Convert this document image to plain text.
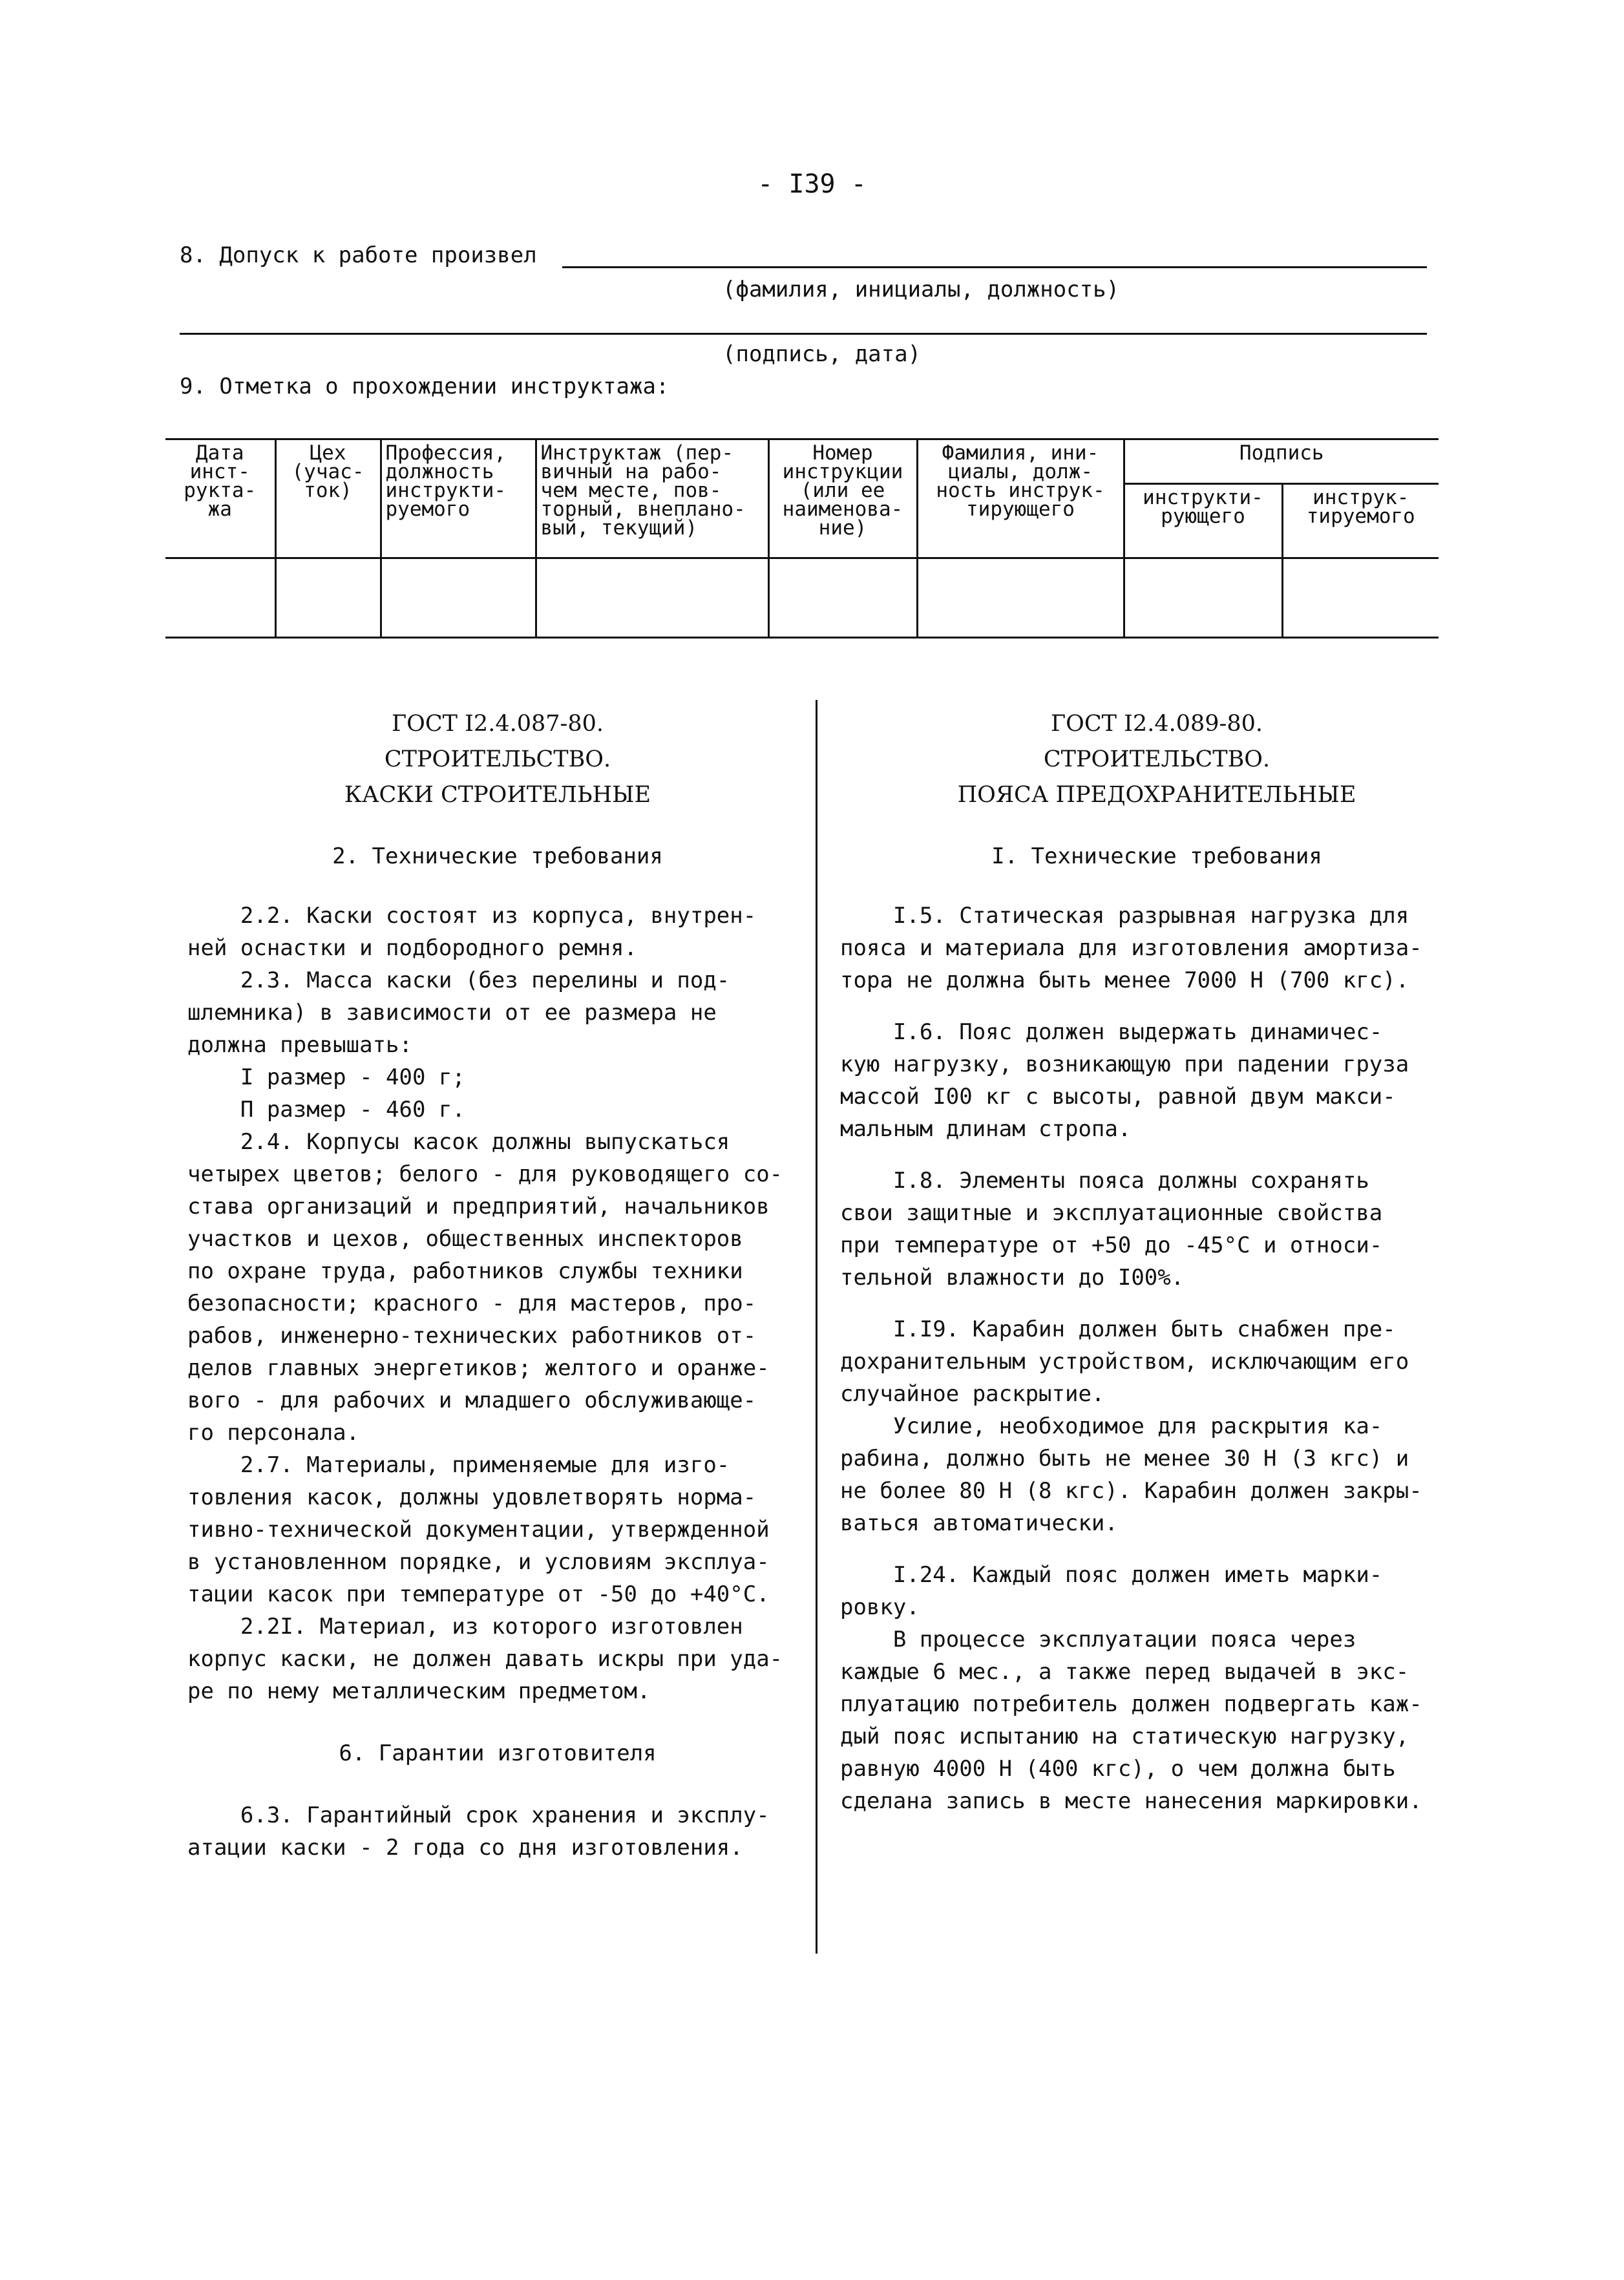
- I39 -
8. Допуск к работе произвел
(фамилия, инициалы, должность)
(подпись, дата)
9. Отметка о прохождении инструктажа:
Дата инст- рукта- жа	Цех (учас- ток)	Профессия, должность инструкти- руемого	Инструктаж (пер- вичный на рабо- чем месте, пов- торный, внеплано- вый, текущий)	Номер инструкции (или ее наименова- ние)	Фамилия, ини- циалы, долж- ность инструк- тирующего	Подпись	
						инструкти- рующего	инструк- тируемого

ГОСТ I2.4.087-80.
СТРОИТЕЛЬСТВО.
КАСКИ СТРОИТЕЛЬНЫЕ

2. Технические требования

2.2. Каски состоят из корпуса, внутрен-
ней оснастки и подбородного ремня.
2.3. Масса каски (без перелины и под-
шлемника) в зависимости от ее размера не
должна превышать:
I размер - 400 г;
П размер - 460 г.
2.4. Корпусы касок должны выпускаться
четырех цветов; белого - для руководящего со-
става организаций и предприятий, начальников
участков и цехов, общественных инспекторов
по охране труда, работников службы техники
безопасности; красного - для мастеров, про-
рабов, инженерно-технических работников от-
делов главных энергетиков; желтого и оранже-
вого - для рабочих и младшего обслуживающе-
го персонала.
2.7. Материалы, применяемые для изго-
товления касок, должны удовлетворять норма-
тивно-технической документации, утвержденной
в установленном порядке, и условиям эксплуа-
тации касок при температуре от -50 до +40°C.
2.2I. Материал, из которого изготовлен
корпус каски, не должен давать искры при уда-
ре по нему металлическим предметом.

6. Гарантии изготовителя

6.3. Гарантийный срок хранения и эксплу-
атации каски - 2 года со дня изготовления.

ГОСТ I2.4.089-80.
СТРОИТЕЛЬСТВО.
ПОЯСА ПРЕДОХРАНИТЕЛЬНЫЕ

I. Технические требования

I.5. Статическая разрывная нагрузка для
пояса и материала для изготовления амортиза-
тора не должна быть менее 7000 Н (700 кгс).

I.6. Пояс должен выдержать динамичес-
кую нагрузку, возникающую при падении груза
массой I00 кг с высоты, равной двум макси-
мальным длинам стропа.

I.8. Элементы пояса должны сохранять
свои защитные и эксплуатационные свойства
при температуре от +50 до -45°C и относи-
тельной влажности до I00%.

I.I9. Карабин должен быть снабжен пре-
дохранительным устройством, исключающим его
случайное раскрытие.
Усилие, необходимое для раскрытия ка-
рабина, должно быть не менее 30 Н (3 кгс) и
не более 80 Н (8 кгс). Карабин должен закры-
ваться автоматически.

I.24. Каждый пояс должен иметь марки-
ровку.
В процессе эксплуатации пояса через
каждые 6 мес., а также перед выдачей в экс-
плуатацию потребитель должен подвергать каж-
дый пояс испытанию на статическую нагрузку,
равную 4000 Н (400 кгс), о чем должна быть
сделана запись в месте нанесения маркировки.
